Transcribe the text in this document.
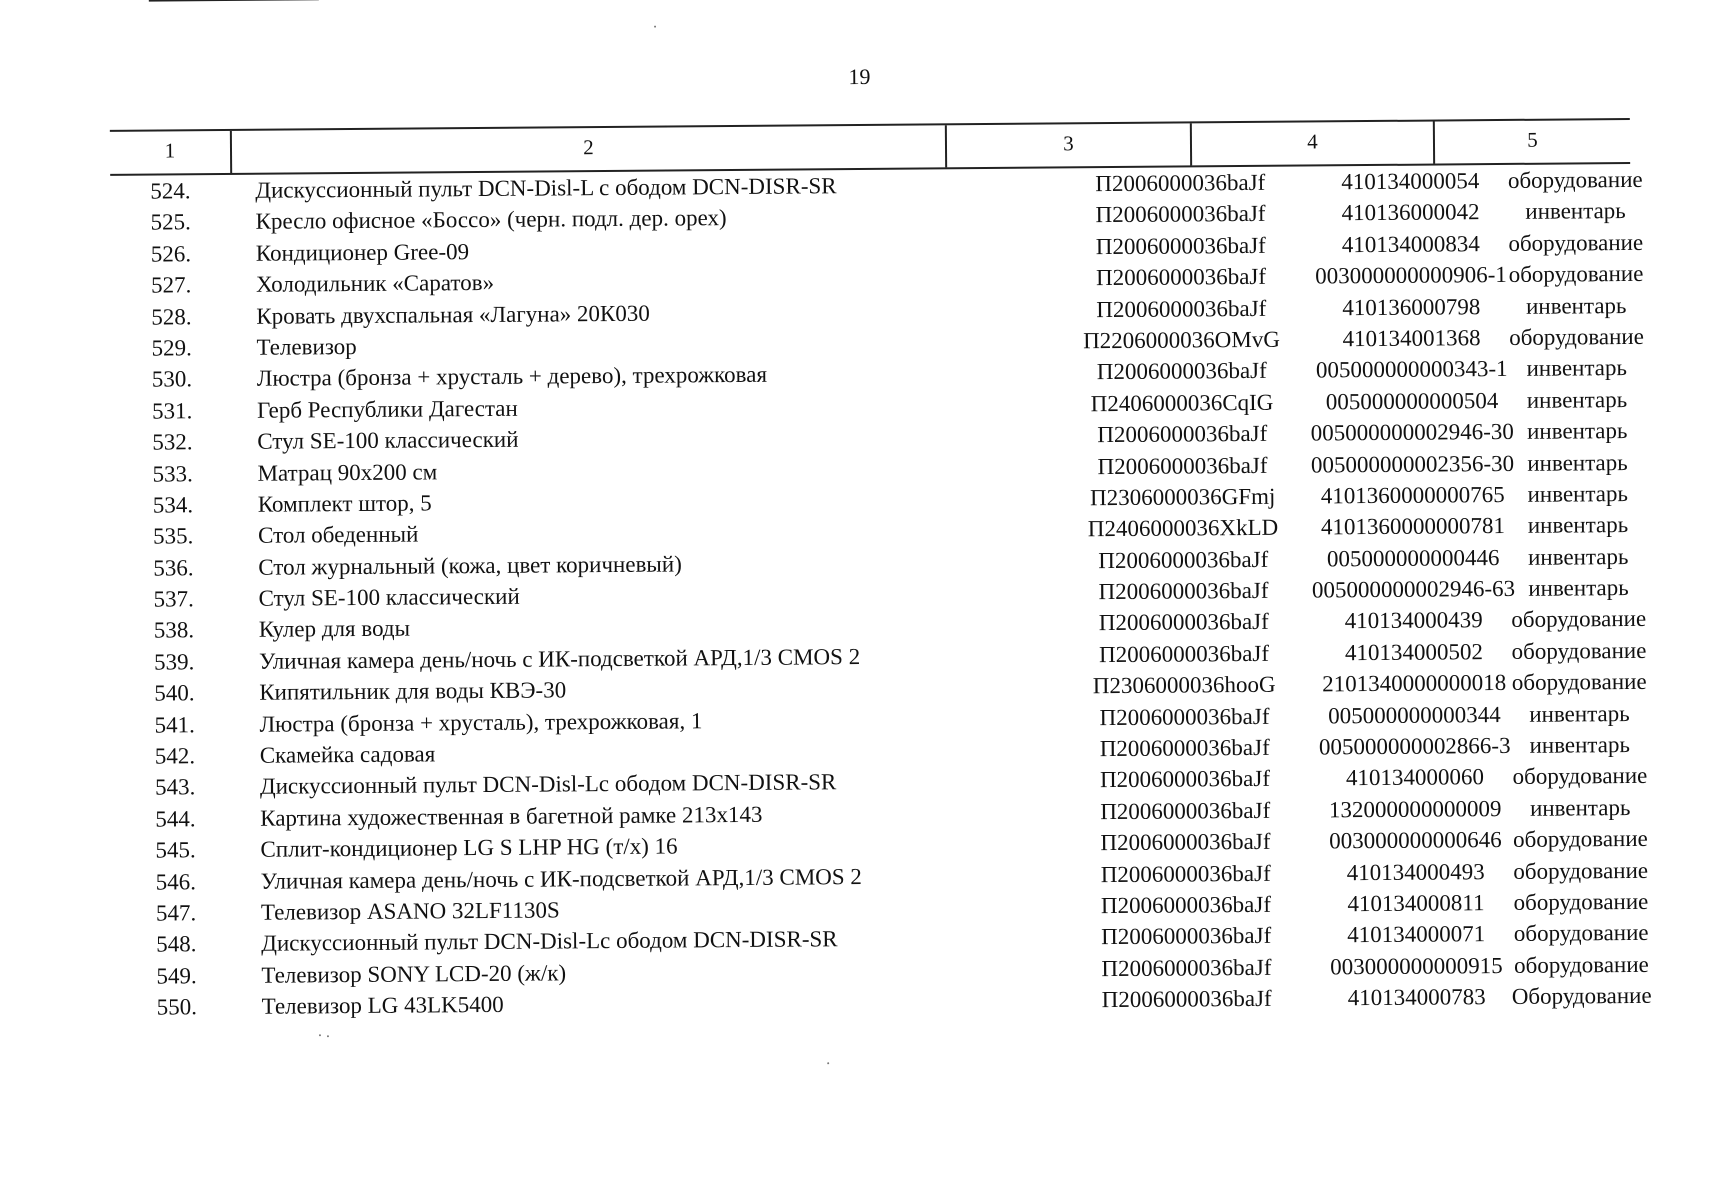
19
1	2	3	4	5
524.	Дискуссионный пульт DCN-Disl-L с ободом DCN-DISR-SR	П2006000036baJf	410134000054	оборудование
525.	Кресло офисное «Боссо» (черн. подл. дер. орех)	П2006000036baJf	410136000042	инвентарь
526.	Кондиционер Gree-09	П2006000036baJf	410134000834	оборудование
527.	Холодильник «Саратов»	П2006000036baJf	003000000000906-1 оборудование
528.	Кровать двухспальная «Лагуна» 20К030	П2006000036baJf	410136000798	инвентарь
529.	Телевизор	П2206000036OMvG	410134001368	оборудование
530.	Люстра (бронза + хрусталь + дерево), трехрожковая	П2006000036baJf	005000000000343-1 инвентарь
531.	Герб Республики Дагестан	П2406000036CqIG	005000000000504	инвентарь
532.	Стул SE-100 классический	П2006000036baJf	005000000002946-30 инвентарь
533.	Матрац 90х200 см	П2006000036baJf	005000000002356-30 инвентарь
534.	Комплект штор, 5	П2306000036GFmj	4101360000000765 инвентарь
535.	Стол обеденный	П2406000036XkLD	4101360000000781 инвентарь
536.	Стол журнальный (кожа, цвет коричневый)	П2006000036baJf	005000000000446	инвентарь
537.	Стул SE-100 классический	П2006000036baJf	005000000002946-63 инвентарь
538.	Кулер для воды	П2006000036baJf	410134000439	оборудование
539.	Уличная камера день/ночь с ИК-подсветкой АРД,1/3 CMOS 2	П2006000036baJf	410134000502	оборудование
540.	Кипятильник для воды КВЭ-30	П2306000036hooG	2101340000000018 оборудование
541.	Люстра (бронза + хрусталь), трехрожковая, 1	П2006000036baJf	005000000000344	инвентарь
542.	Скамейка садовая	П2006000036baJf	005000000002866-3 инвентарь
543.	Дискуссионный пульт DCN-Disl-Lc ободом DCN-DISR-SR	П2006000036baJf	410134000060	оборудование
544.	Картина художественная в багетной рамке 213х143	П2006000036baJf	132000000000009	инвентарь
545.	Сплит-кондиционер LG S LHP HG (т/х) 16	П2006000036baJf	003000000000646 оборудование
546.	Уличная камера день/ночь с ИК-подсветкой АРД,1/3 CMOS 2	П2006000036baJf	410134000493	оборудование
547.	Телевизор ASANO 32LF1130S	П2006000036baJf	410134000811	оборудование
548.	Дискуссионный пульт DCN-Disl-Lc ободом DCN-DISR-SR	П2006000036baJf	410134000071	оборудование
549.	Телевизор SONY LCD-20 (ж/к)	П2006000036baJf	003000000000915 оборудование
550.	Телевизор LG 43LK5400	П2006000036baJf	410134000783	Оборудование
